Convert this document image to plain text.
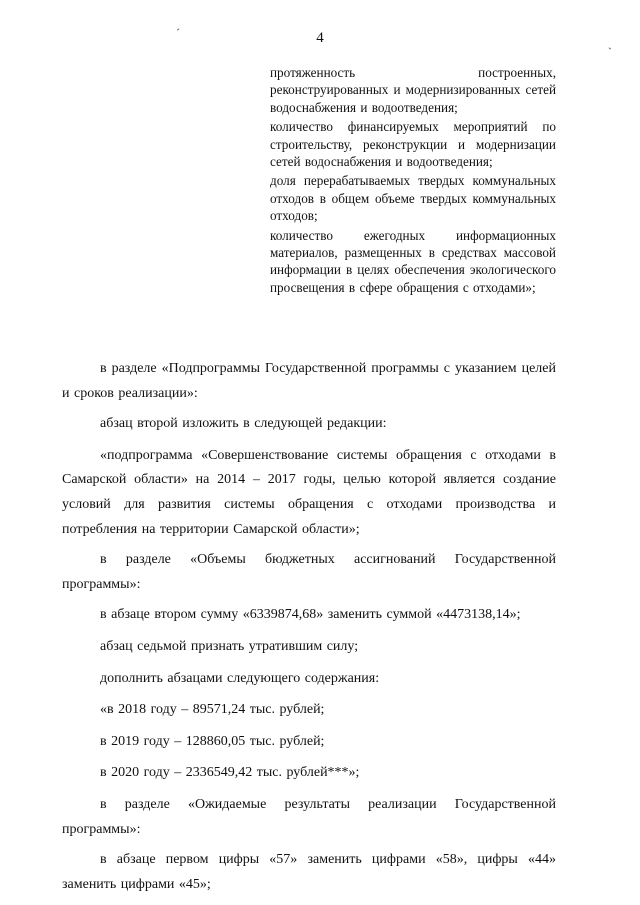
4
ˊ
ˎ
протяженность построенных, реконструированных и модернизированных сетей водоснабжения и водоотведения;
количество финансируемых мероприятий по строительству, реконструкции и модернизации сетей водоснабжения и водоотведения;
доля перерабатываемых твердых коммунальных отходов в общем объеме твердых коммунальных отходов;
количество ежегодных информационных материалов, размещенных в средствах массовой информации в целях обеспечения экологического просвещения в сфере обращения с отходами»;

в разделе «Подпрограммы Государственной программы с указанием целей и сроков реализации»:

абзац второй изложить в следующей редакции:

«подпрограмма «Совершенствование системы обращения с отходами в Самарской области» на 2014 – 2017 годы, целью которой является создание условий для развития системы обращения с отходами производства и потребления на территории Самарской области»;

в разделе «Объемы бюджетных ассигнований Государственной программы»:

в абзаце втором сумму «6339874,68» заменить суммой «4473138,14»;

абзац седьмой признать утратившим силу;

дополнить абзацами следующего содержания:

«в 2018 году – 89571,24 тыс. рублей;

в 2019 году – 128860,05 тыс. рублей;

в 2020 году – 2336549,42 тыс. рублей***»;

в разделе «Ожидаемые результаты реализации Государственной программы»:

в абзаце первом цифры «57» заменить цифрами «58», цифры «44» заменить цифрами «45»;
